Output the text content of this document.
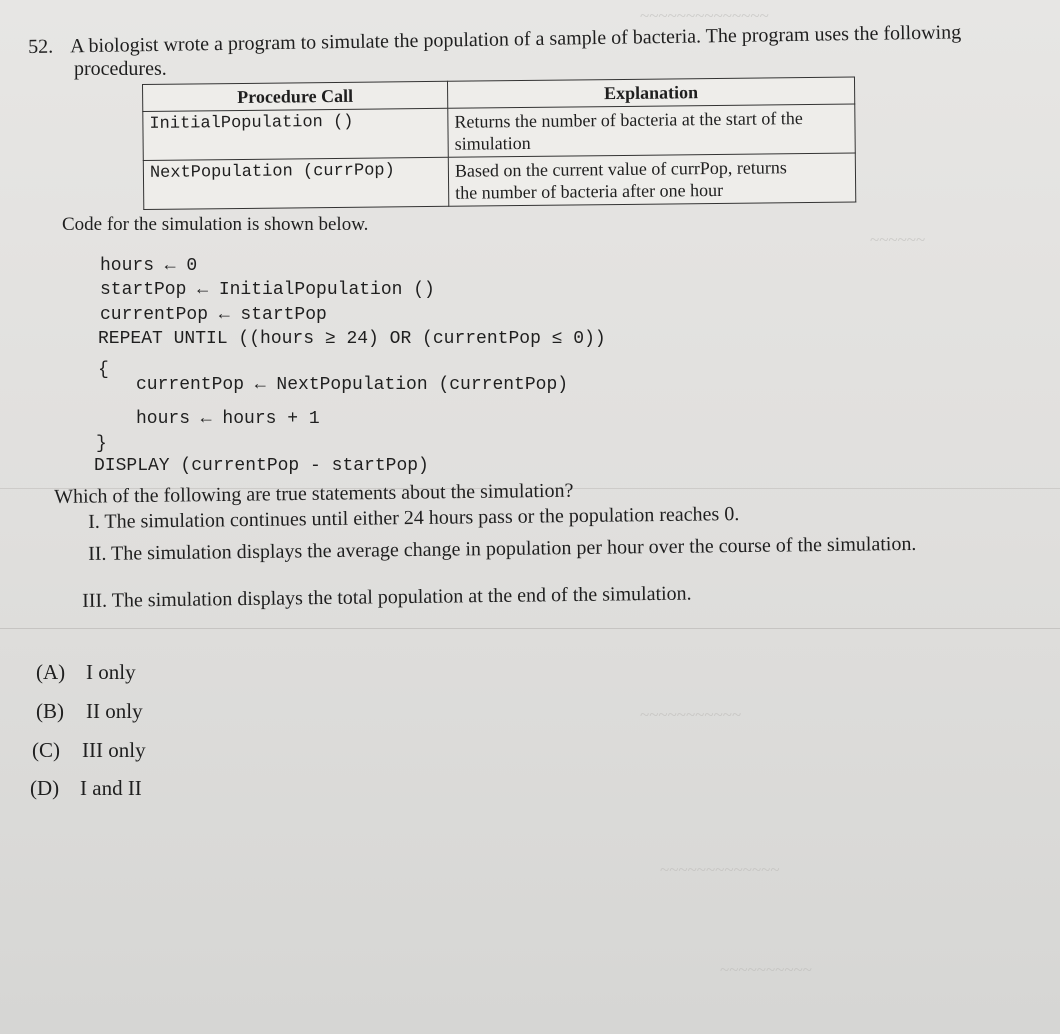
~~~~~~~~~~~~~~
~~~~~~
~~~~~~~~~~~
~~~~~~~~~~~~~
~~~~~~~~~~
52. A biologist wrote a program to simulate the population of a sample of bacteria. The program uses the following
procedures.
Procedure Call	Explanation
InitialPopulation ()	Returns the number of bacteria at the start of the
simulation

NextPopulation (currPop)	Based on the current value of currPop, returns
the number of bacteria after one hour
Code for the simulation is shown below.
hours ← 0
startPop ← InitialPopulation ()
currentPop ← startPop
REPEAT UNTIL ((hours ≥ 24) OR (currentPop ≤ 0))
{
currentPop ← NextPopulation (currentPop)
hours ← hours + 1
}
DISPLAY (currentPop - startPop)
Which of the following are true statements about the simulation?
I. The simulation continues until either 24 hours pass or the population reaches 0.
II. The simulation displays the average change in population per hour over the course of the simulation.
III. The simulation displays the total population at the end of the simulation.
(A) I only
(B) II only
(C) III only
(D) I and II
